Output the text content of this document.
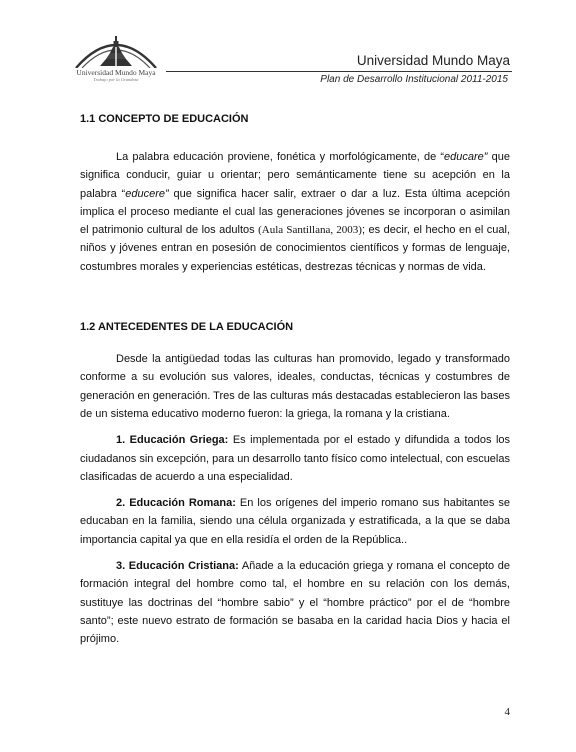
Universidad Mundo Maya
Trabajo por la Grandeza
Universidad Mundo Maya
Plan de Desarrollo Institucional 2011-2015
1.1 CONCEPTO DE EDUCACIÓN

La palabra educación proviene, fonética y morfológicamente, de “educare” que significa conducir, guiar u orientar; pero semánticamente tiene su acepción en la palabra “educere” que significa hacer salir, extraer o dar a luz. Esta última acepción implica el proceso mediante el cual las generaciones jóvenes se incorporan o asimilan el patrimonio cultural de los adultos (Aula Santillana, 2003); es decir, el hecho en el cual, niños y jóvenes entran en posesión de conocimientos científicos y formas de lenguaje, costumbres morales y experiencias estéticas, destrezas técnicas y normas de vida.

1.2 ANTECEDENTES DE LA EDUCACIÓN

Desde la antigüedad todas las culturas han promovido, legado y transformado conforme a su evolución sus valores, ideales, conductas, técnicas y costumbres de generación en generación. Tres de las culturas más destacadas establecieron las bases de un sistema educativo moderno fueron: la griega, la romana y la cristiana.

1. Educación Griega: Es implementada por el estado y difundida a todos los ciudadanos sin excepción, para un desarrollo tanto físico como intelectual, con escuelas clasificadas de acuerdo a una especialidad.

2. Educación Romana: En los orígenes del imperio romano sus habitantes se educaban en la familia, siendo una célula organizada y estratificada, a la que se daba importancia capital ya que en ella residía el orden de la República..

3. Educación Cristiana: Añade a la educación griega y romana el concepto de formación integral del hombre como tal, el hombre en su relación con los demás, sustituye las doctrinas del “hombre sabio” y el “hombre práctico” por el de “hombre santo”; este nuevo estrato de formación se basaba en la caridad hacia Dios y hacia el prójimo.

4
